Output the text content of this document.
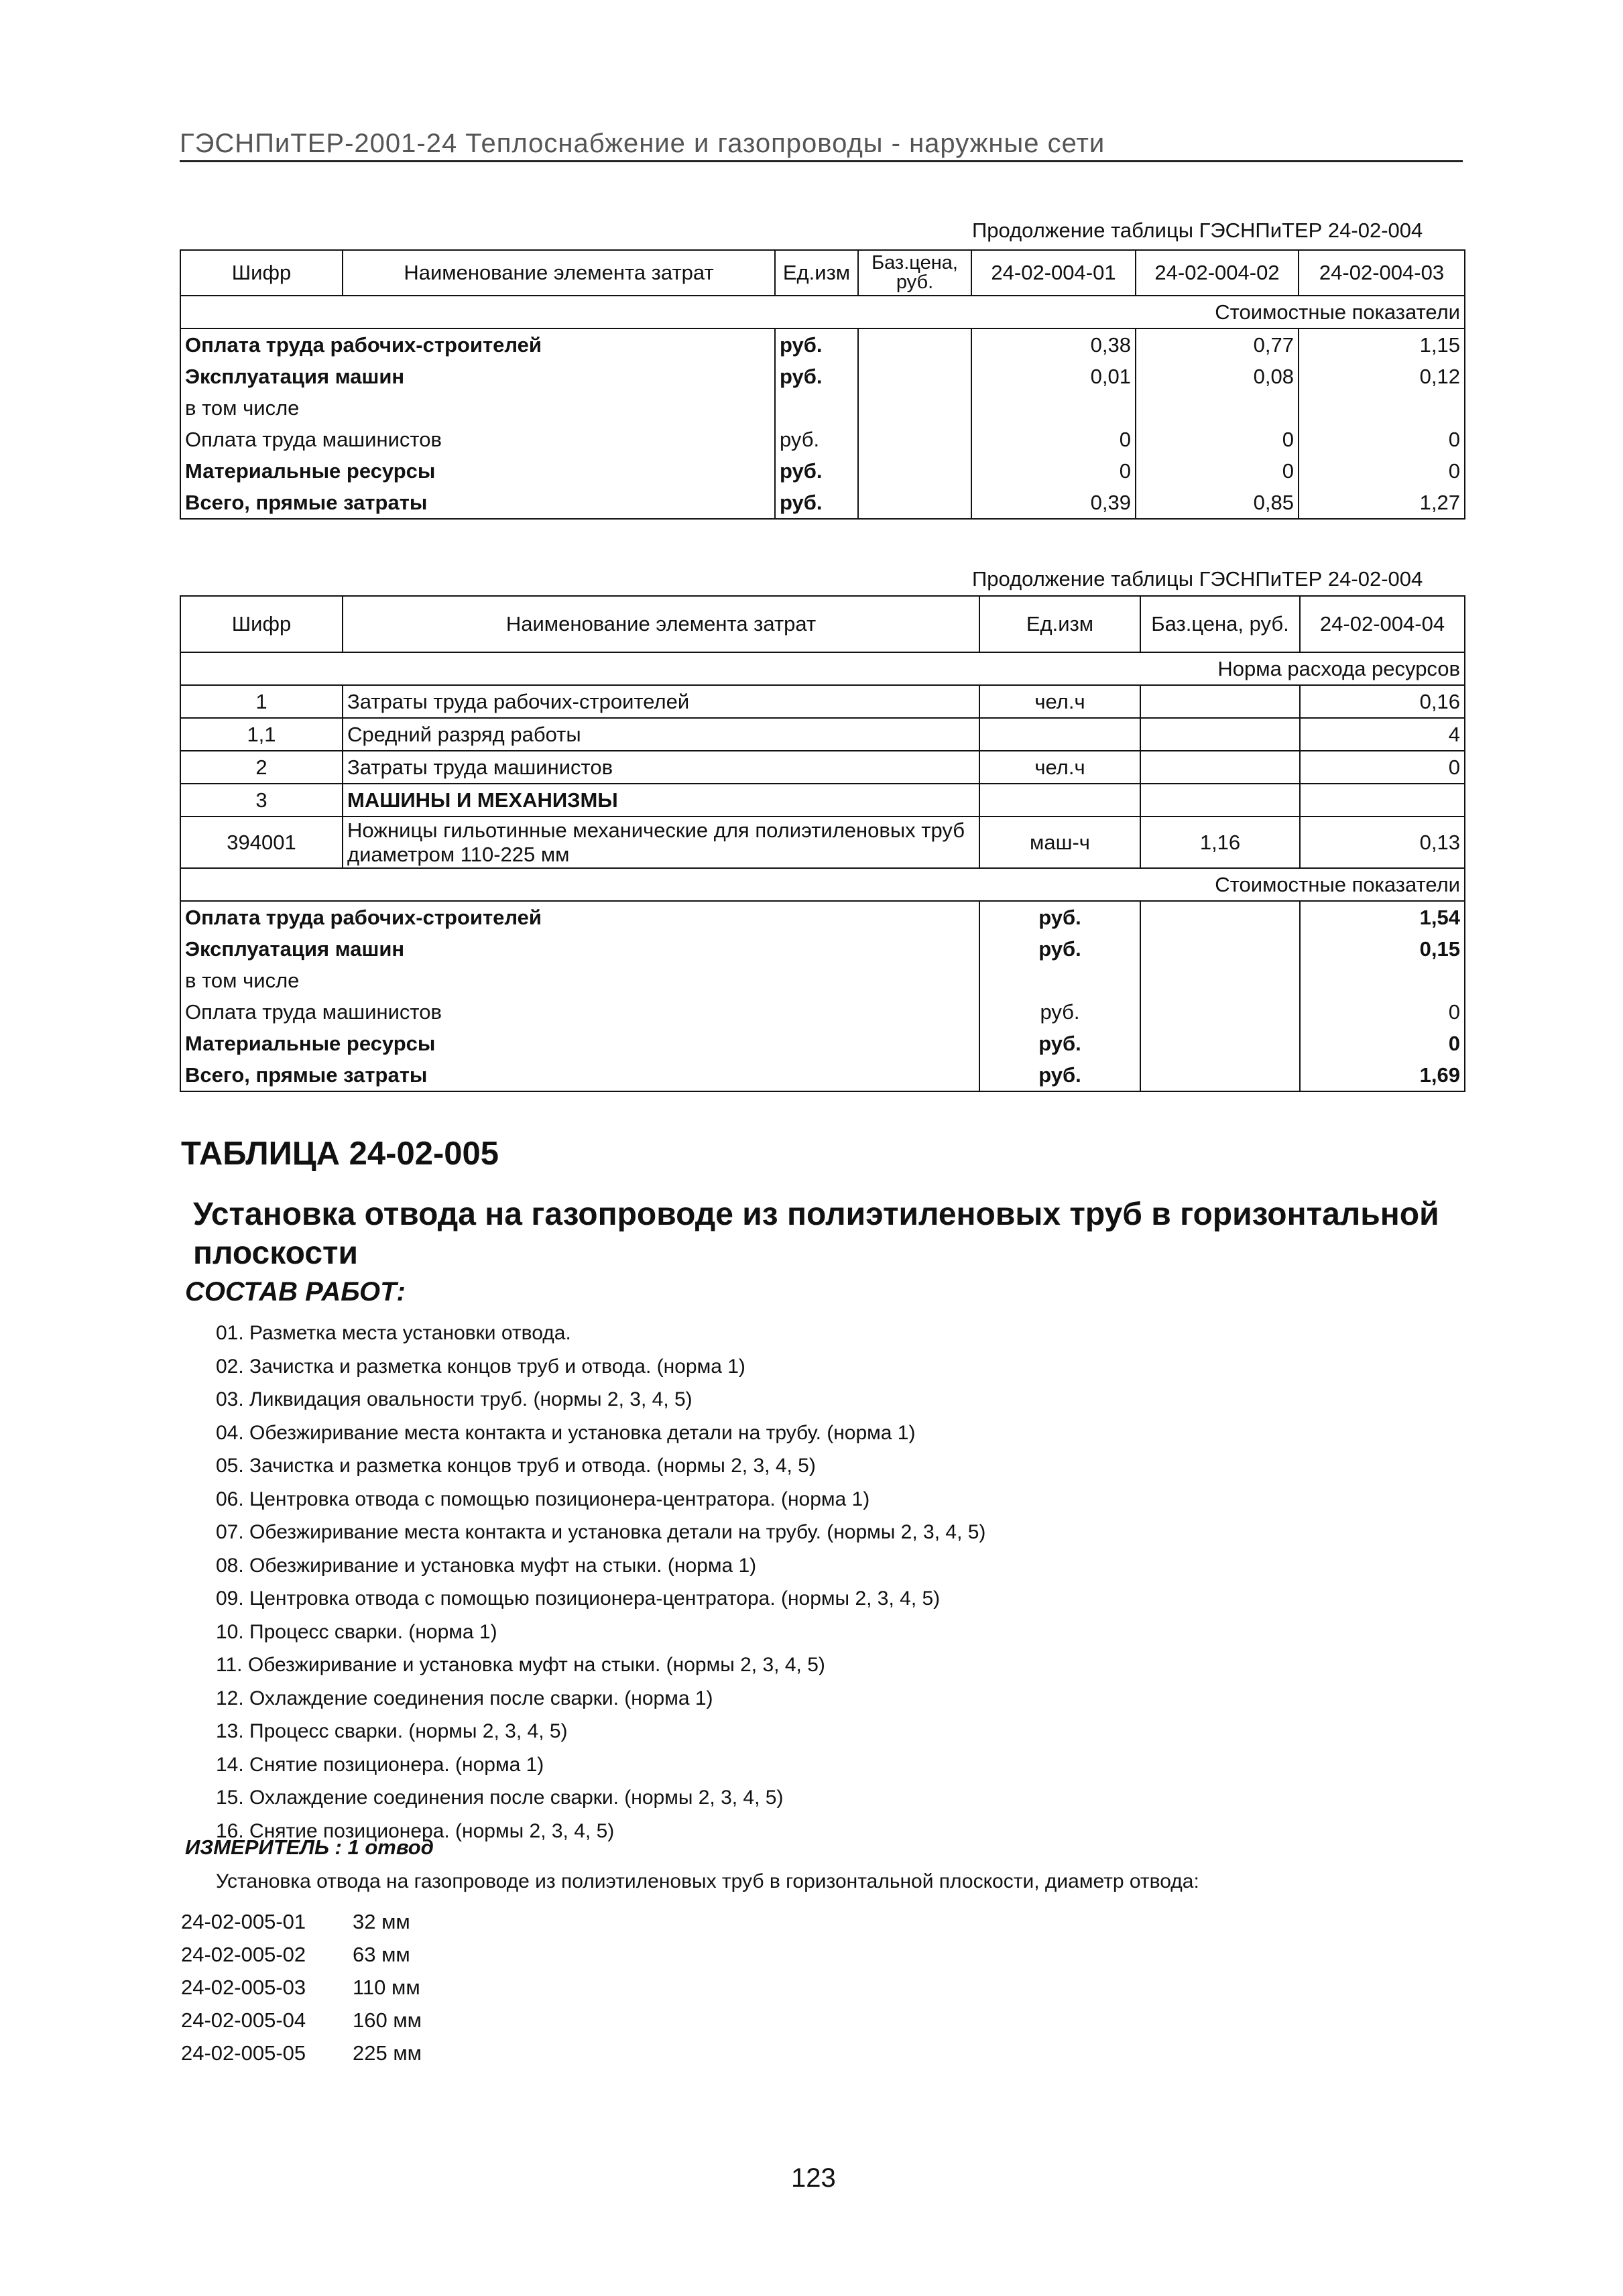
ГЭСНПиТЕР-2001-24 Теплоснабжение и газопроводы - наружные сети
Продолжение таблицы ГЭСНПиТЕР 24-02-004
Шифр	Наименование элемента затрат	Ед.изм	Баз.цена, руб.	24-02-004-01	24-02-004-02	24-02-004-03
Стоимостные показатели						
Оплата труда рабочих-строителей		руб.		0,38	0,77	1,15
Эксплуатация машин		руб.		0,01	0,08	0,12
в том числе						
Оплата труда машинистов		руб.		0	0	0
Материальные ресурсы		руб.		0	0	0
Всего, прямые затраты		руб.		0,39	0,85	1,27
Продолжение таблицы ГЭСНПиТЕР 24-02-004
Шифр	Наименование элемента затрат	Ед.изм	Баз.цена, руб.	24-02-004-04
Норма расхода ресурсов				
1	Затраты труда рабочих-строителей	чел.ч		0,16
1,1	Средний разряд работы			4
2	Затраты труда машинистов	чел.ч		0
3	МАШИНЫ И МЕХАНИЗМЫ			
394001	Ножницы гильотинные механические для полиэтиленовых труб диаметром 110-225 мм	маш-ч	1,16	0,13
Стоимостные показатели				
Оплата труда рабочих-строителей		руб.		1,54
Эксплуатация машин		руб.		0,15
в том числе				
Оплата труда машинистов		руб.		0
Материальные ресурсы		руб.		0
Всего, прямые затраты		руб.		1,69
ТАБЛИЦА 24-02-005
Установка отвода на газопроводе из полиэтиленовых труб в горизонтальной плоскости
СОСТАВ РАБОТ:
01. Разметка места установки отвода.
02. Зачистка и разметка концов труб и отвода. (норма 1)
03. Ликвидация овальности труб. (нормы 2, 3, 4, 5)
04. Обезжиривание места контакта и установка детали на трубу. (норма 1)
05. Зачистка и разметка концов труб и отвода. (нормы 2, 3, 4, 5)
06. Центровка отвода с помощью позиционера-центратора. (норма 1)
07. Обезжиривание места контакта и установка детали на трубу. (нормы 2, 3, 4, 5)
08. Обезжиривание и установка муфт на стыки. (норма 1)
09. Центровка отвода с помощью позиционера-центратора. (нормы 2, 3, 4, 5)
10. Процесс сварки. (норма 1)
11. Обезжиривание и установка муфт на стыки. (нормы 2, 3, 4, 5)
12. Охлаждение соединения после сварки. (норма 1)
13. Процесс сварки. (нормы 2, 3, 4, 5)
14. Снятие позиционера. (норма 1)
15. Охлаждение соединения после сварки. (нормы 2, 3, 4, 5)
16. Снятие позиционера. (нормы 2, 3, 4, 5)
ИЗМЕРИТЕЛЬ : 1 отвод
Установка отвода на газопроводе из полиэтиленовых труб в горизонтальной плоскости, диаметр отвода:
24-02-005-01	32 мм
24-02-005-02	63 мм
24-02-005-03	110 мм
24-02-005-04	160 мм
24-02-005-05	225 мм
123
